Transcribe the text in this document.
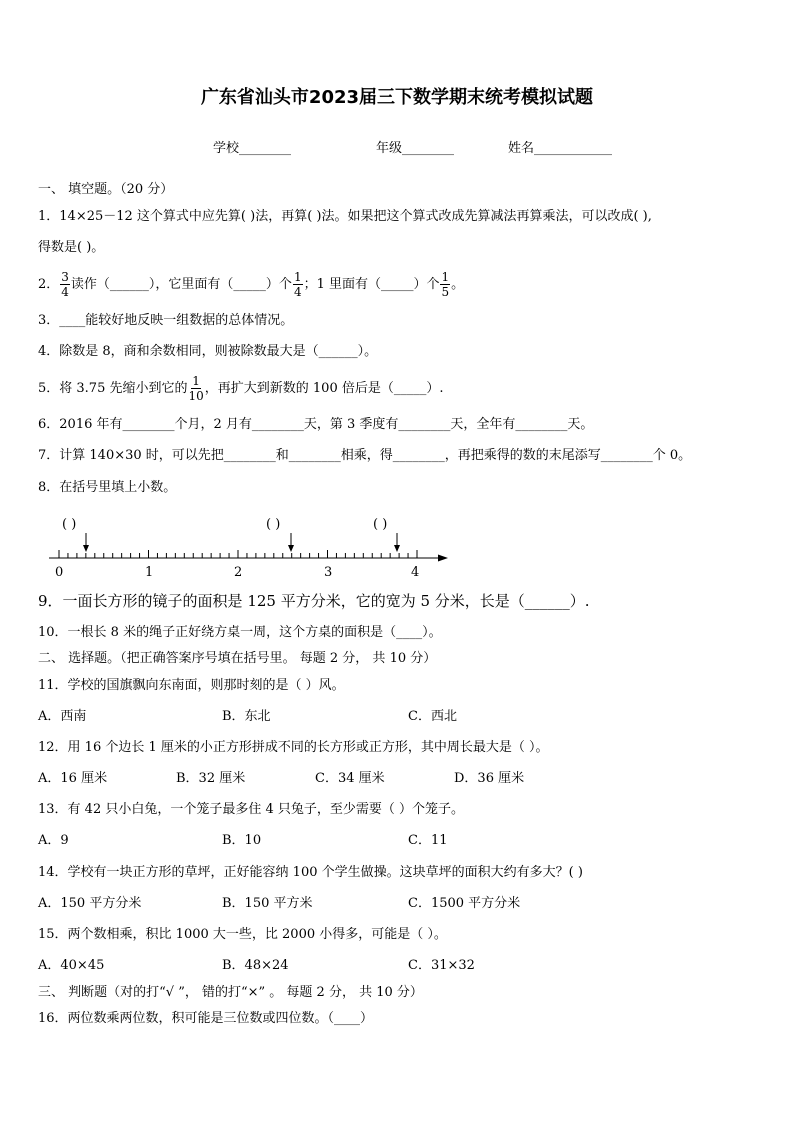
广东省汕头市2023届三下数学期末统考模拟试题
学校________	年级________	姓名____________
一、 填空题。（20 分）
1．14×25－12 这个算式中应先算( )法，再算( )法。如果把这个算式改成先算减法再算乘法，可以改成( ),
得数是( )。
2． $\frac{3}{4}$ 读作（______），它里面有（_____）个 $\frac{1}{4}$ ；1 里面有（_____）个 $\frac{1}{5}$ 。
3．____能较好地反映一组数据的总体情况。
4．除数是 8，商和余数相同，则被除数最大是（______）。
5．将 3.75 先缩小到它的 $\frac{1}{10}$ ，再扩大到新数的 100 倍后是（_____）.
6．2016 年有________个月，2 月有________天，第 3 季度有________天，全年有________天。
7．计算 140×30 时，可以先把________和________相乘，得________，再把乘得的数的末尾添写________个 0。
8．在括号里填上小数。
( )	( )	( )
0	1	2	3	4
9．一面长方形的镜子的面积是 125 平方分米，它的宽为 5 分米，长是（______）.
10．一根长 8 米的绳子正好绕方桌一周，这个方桌的面积是（____）。
二、 选择题。（把正确答案序号填在括号里。 每题 2 分， 共 10 分）
11．学校的国旗飘向东南面，则那时刻的是（ ）风。
A．西南	B．东北	C．西北
12．用 16 个边长 1 厘米的小正方形拼成不同的长方形或正方形，其中周长最大是（ ）。
A．16 厘米	B．32 厘米	C．34 厘米	D．36 厘米
13．有 42 只小白兔，一个笼子最多住 4 只兔子，至少需要（ ）个笼子。
A．9	B．10	C．11
14．学校有一块正方形的草坪，正好能容纳 100 个学生做操。这块草坪的面积大约有多大？( )
A．150 平方分米	B．150 平方米	C．1500 平方分米
15．两个数相乘，积比 1000 大一些，比 2000 小得多，可能是（ ）。
A．40×45	B．48×24	C．31×32
三、 判断题（对的打“√ ”， 错的打“×” 。 每题 2 分， 共 10 分）
16．两位数乘两位数，积可能是三位数或四位数。（____）
